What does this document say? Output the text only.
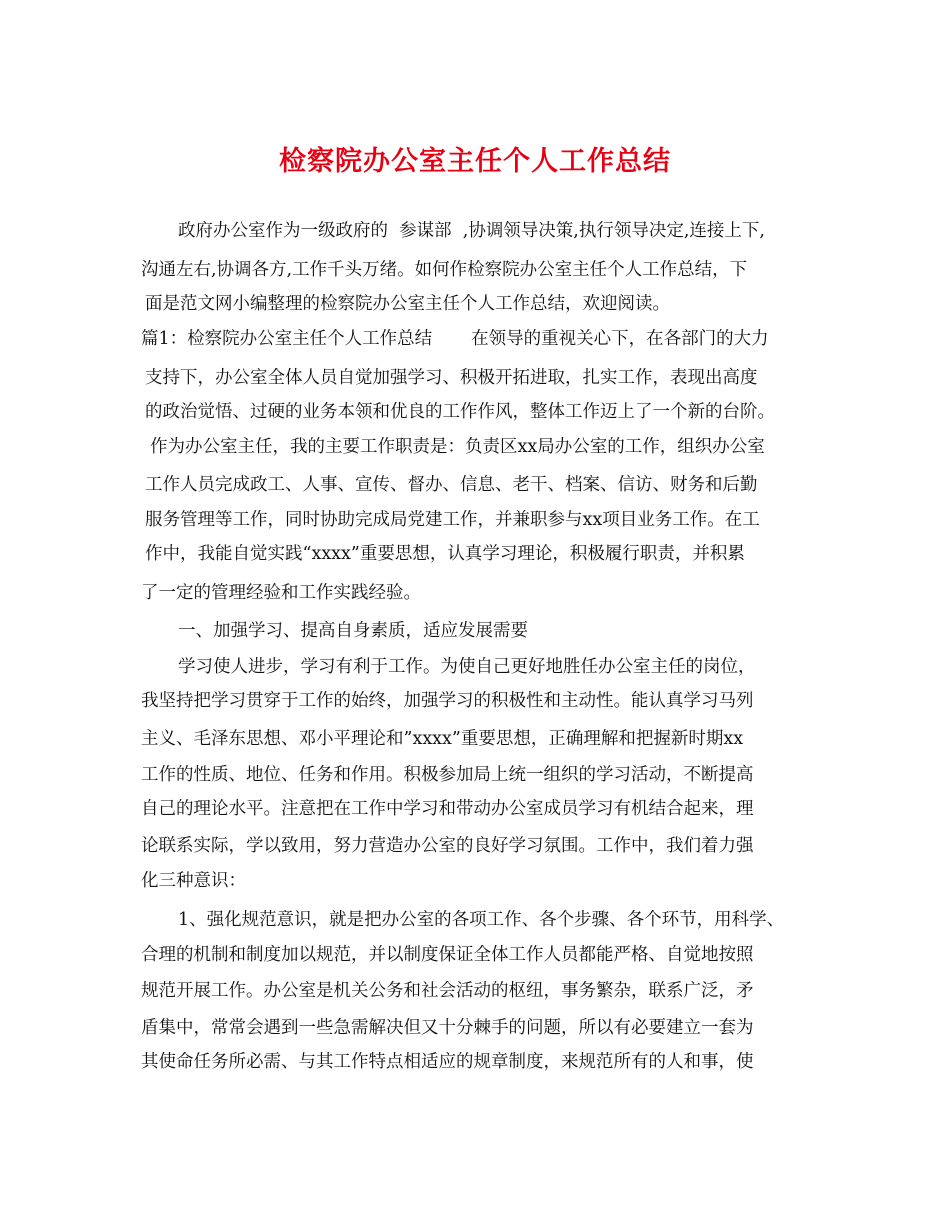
检察院办公室主任个人工作总结

政府办公室作为一级政府的  参谋部  ,协调领导决策,执行领导决定,连接上下,

沟通左右,协调各方,工作千头万绪。如何作检察院办公室主任个人工作总结，下

面是范文网小编整理的检察院办公室主任个人工作总结，欢迎阅读。

篇1：检察院办公室主任个人工作总结       在领导的重视关心下，在各部门的大力

支持下，办公室全体人员自觉加强学习、积极开拓进取，扎实工作，表现出高度

的政治觉悟、过硬的业务本领和优良的工作作风，整体工作迈上了一个新的台阶。

作为办公室主任，我的主要工作职责是：负责区xx局办公室的工作，组织办公室

工作人员完成政工、人事、宣传、督办、信息、老干、档案、信访、财务和后勤

服务管理等工作，同时协助完成局党建工作，并兼职参与xx项目业务工作。在工

作中，我能自觉实践“xxxx”重要思想，认真学习理论，积极履行职责，并积累

了一定的管理经验和工作实践经验。

一、加强学习、提高自身素质，适应发展需要

学习使人进步，学习有利于工作。为使自己更好地胜任办公室主任的岗位，

我坚持把学习贯穿于工作的始终，加强学习的积极性和主动性。能认真学习马列

主义、毛泽东思想、邓小平理论和”xxxx”重要思想，正确理解和把握新时期xx

工作的性质、地位、任务和作用。积极参加局上统一组织的学习活动，不断提高

自己的理论水平。注意把在工作中学习和带动办公室成员学习有机结合起来，理

论联系实际，学以致用，努力营造办公室的良好学习氛围。工作中，我们着力强

化三种意识：

1、强化规范意识，就是把办公室的各项工作、各个步骤、各个环节，用科学、

合理的机制和制度加以规范，并以制度保证全体工作人员都能严格、自觉地按照

规范开展工作。办公室是机关公务和社会活动的枢纽，事务繁杂，联系广泛，矛

盾集中，常常会遇到一些急需解决但又十分棘手的问题，所以有必要建立一套为

其使命任务所必需、与其工作特点相适应的规章制度，来规范所有的人和事，使
